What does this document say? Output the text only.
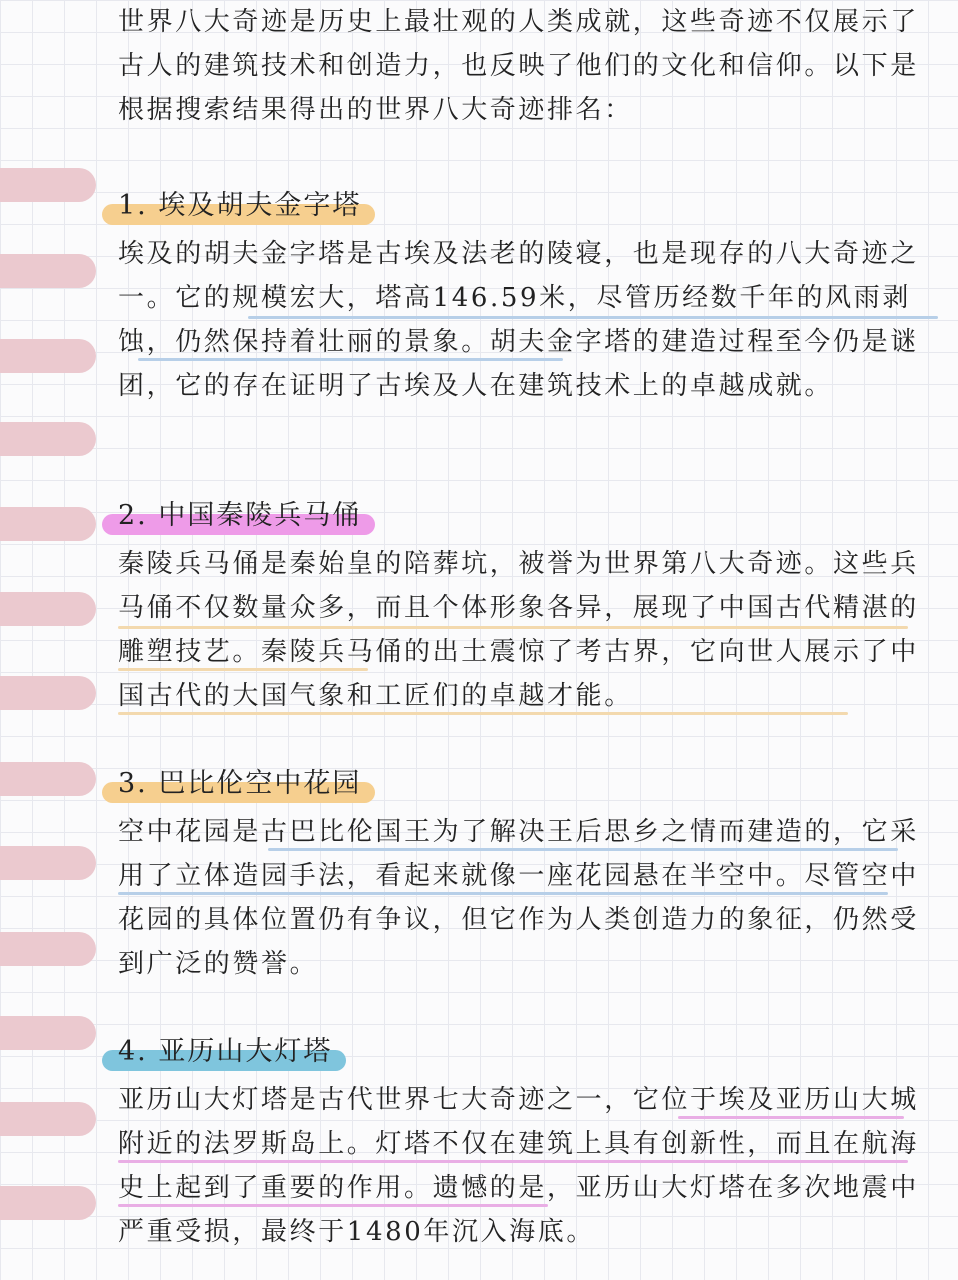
世界八大奇迹是历史上最壮观的人类成就，这些奇迹不仅展示了古人的建筑技术和创造力，也反映了他们的文化和信仰。以下是根据搜索结果得出的世界八大奇迹排名：

1. 埃及胡夫金字塔

埃及的胡夫金字塔是古埃及法老的陵寝，也是现存的八大奇迹之一。它的规模宏大，塔高146.59米，尽管历经数千年的风雨剥蚀，仍然保持着壮丽的景象。胡夫金字塔的建造过程至今仍是谜团，它的存在证明了古埃及人在建筑技术上的卓越成就。

2. 中国秦陵兵马俑

秦陵兵马俑是秦始皇的陪葬坑，被誉为世界第八大奇迹。这些兵马俑不仅数量众多，而且个体形象各异，展现了中国古代精湛的雕塑技艺。秦陵兵马俑的出土震惊了考古界，它向世人展示了中国古代的大国气象和工匠们的卓越才能。

3. 巴比伦空中花园

空中花园是古巴比伦国王为了解决王后思乡之情而建造的，它采用了立体造园手法，看起来就像一座花园悬在半空中。尽管空中花园的具体位置仍有争议，但它作为人类创造力的象征，仍然受到广泛的赞誉。

4. 亚历山大灯塔

亚历山大灯塔是古代世界七大奇迹之一，它位于埃及亚历山大城附近的法罗斯岛上。灯塔不仅在建筑上具有创新性，而且在航海史上起到了重要的作用。遗憾的是，亚历山大灯塔在多次地震中严重受损，最终于1480年沉入海底。
